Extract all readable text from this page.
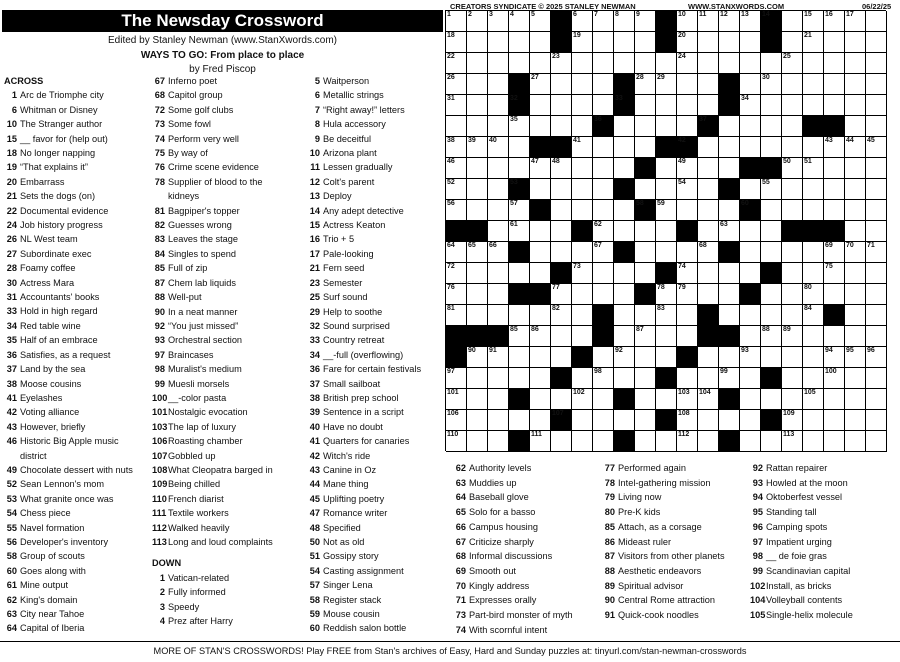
The Newsday Crossword
Edited by Stanley Newman (www.StanXwords.com)
WAYS TO GO: From place to place
by Fred Piscop
CREATORS SYNDICATE © 2025 STANLEY NEWMAN	WWW.STANXWORDS.COM	06/22/25
ACROSS
1 Arc de Triomphe city
6 Whitman or Disney
10 The Stranger author
15 __ favor for (help out)
18 No longer napping
19 “That explains it”
20 Embarrass
21 Sets the dogs (on)
22 Documental evidence
24 Job history progress
26 NL West team
27 Subordinate exec
28 Foamy coffee
30 Actress Mara
31 Accountants' books
33 Hold in high regard
34 Red table wine
35 Half of an embrace
36 Satisfies, as a request
37 Land by the sea
38 Moose cousins
41 Eyelashes
42 Voting alliance
43 However, briefly
46 Historic Big Apple music
district
49 Chocolate dessert with nuts
52 Sean Lennon's mom
53 What granite once was
54 Chess piece
55 Navel formation
56 Developer's inventory
58 Group of scouts
60 Goes along with
61 Mine output
62 King's domain
63 City near Tahoe
64 Capital of Iberia
67 Inferno poet
68 Capitol group
72 Some golf clubs
73 Some fowl
74 Perform very well
75 By way of
76 Crime scene evidence
78 Supplier of blood to the
kidneys
81 Bagpiper's topper
82 Guesses wrong
83 Leaves the stage
84 Singles to spend
85 Full of zip
87 Chem lab liquids
88 Well-put
90 In a neat manner
92 “You just missed”
93 Orchestral section
97 Braincases
98 Muralist's medium
99 Muesli morsels
100 __-color pasta
101 Nostalgic evocation
103 The lap of luxury
106 Roasting chamber
107 Gobbled up
108 What Cleopatra barged in
109 Being chilled
110 French diarist
111 Textile workers
112 Walked heavily
113 Long and loud complaints
DOWN
1 Vatican-related
2 Fully informed
3 Speedy
4 Prez after Harry
5 Waitperson
6 Metallic strings
7 “Right away!” letters
8 Hula accessory
9 Be deceitful
10 Arizona plant
11 Lessen gradually
12 Colt's parent
13 Deploy
14 Any adept detective
15 Actress Keaton
16 Trio + 5
17 Pale-looking
21 Fern seed
23 Semester
25 Surf sound
29 Help to soothe
32 Sound surprised
33 Country retreat
34 __-full (overflowing)
36 Fare for certain festivals
37 Small sailboat
38 British prep school
39 Sentence in a script
40 Have no doubt
41 Quarters for canaries
42 Witch's ride
43 Canine in Oz
44 Mane thing
45 Uplifting poetry
47 Romance writer
48 Specified
50 Not as old
51 Gossipy story
54 Casting assignment
57 Singer Lena
58 Register stack
59 Mouse cousin
60 Reddish salon bottle
62 Authority levels
63 Muddies up
64 Baseball glove
65 Solo for a basso
66 Campus housing
67 Criticize sharply
68 Informal discussions
69 Smooth out
70 Kingly address
71 Expresses orally
73 Part-bird monster of myth
74 With scornful intent
77 Performed again
78 Intel-gathering mission
79 Living now
80 Pre-K kids
85 Attach, as a corsage
86 Mideast ruler
87 Visitors from other planets
88 Aesthetic endeavors
89 Spiritual advisor
90 Central Rome attraction
91 Quick-cook noodles
92 Rattan repairer
93 Howled at the moon
94 Oktoberfest vessel
95 Standing tall
96 Camping spots
97 Impatient urging
98 __ de foie gras
99 Scandinavian capital
102 Install, as bricks
104 Volleyball contents
105 Single-helix molecule
1 2 3 4 5	6 7 8 9	10 11 12 13 14	15 16 17
18	19	20	21
22	23	24	25
26	27	28 29	30
31	32	33	34
35	36	37
38 39 40	41	42	43 44 45
46	47 48	49	50 51
52	53	54	55
56	57	58 59	60
61	62	63
64 65 66	67	68	69 70 71
72	73	74	75
76	77	78 79	80
81	82	83	84
85 86	87	88 89
90 91	92	93	94 95 96
97	98	99	100
101	102	103 104	105
106	107	108	109
110	111	112	113
MORE OF STAN'S CROSSWORDS! Play FREE from Stan's archives of Easy, Hard and Sunday puzzles at: tinyurl.com/stan-newman-crosswords
